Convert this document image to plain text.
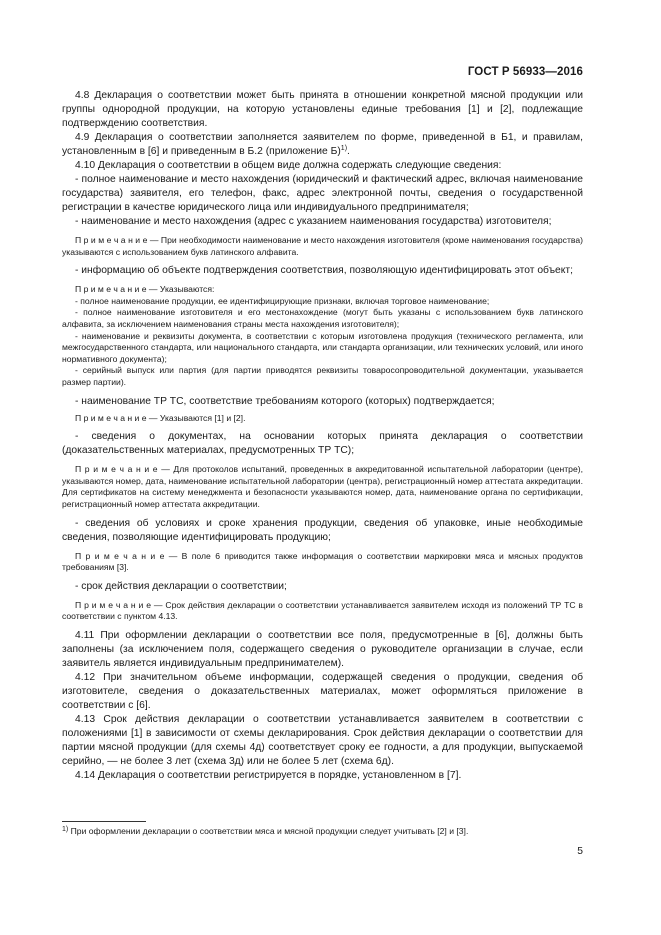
ГОСТ Р 56933—2016

4.8 Декларация о соответствии может быть принята в отношении конкретной мясной продукции или группы однородной продукции, на которую установлены единые требования [1] и [2], подлежащие подтверждению соответствия.

4.9 Декларация о соответствии заполняется заявителем по форме, приведенной в Б1, и правилам, установленным в [6] и приведенным в Б.2 (приложение Б)$^{1)}$.

4.10 Декларация о соответствии в общем виде должна содержать следующие сведения:

- полное наименование и место нахождения (юридический и фактический адрес, включая наименование государства) заявителя, его телефон, факс, адрес электронной почты, сведения о государственной регистрации в качестве юридического лица или индивидуального предпринимателя;

- наименование и место нахождения (адрес с указанием наименования государства) изготовителя;

П р и м е ч а н и е — При необходимости наименование и место нахождения изготовителя (кроме наименования государства) указываются с использованием букв латинского алфавита.

- информацию об объекте подтверждения соответствия, позволяющую идентифицировать этот объект;

П р и м е ч а н и е — Указываются:

- полное наименование продукции, ее идентифицирующие признаки, включая торговое наименование;

- полное наименование изготовителя и его местонахождение (могут быть указаны с использованием букв латинского алфавита, за исключением наименования страны места нахождения изготовителя);

- наименование и реквизиты документа, в соответствии с которым изготовлена продукция (технического регламента, или межгосударственного стандарта, или национального стандарта, или стандарта организации, или технических условий, или иного нормативного документа);

- серийный выпуск или партия (для партии приводятся реквизиты товаросопроводительной документации, указывается размер партии).

- наименование ТР ТС, соответствие требованиям которого (которых) подтверждается;

П р и м е ч а н и е — Указываются [1] и [2].

- сведения о документах, на основании которых принята декларация о соответствии (доказательственных материалах, предусмотренных ТР ТС);

П р и м е ч а н и е — Для протоколов испытаний, проведенных в аккредитованной испытательной лаборатории (центре), указываются номер, дата, наименование испытательной лаборатории (центра), регистрационный номер аттестата аккредитации. Для сертификатов на систему менеджмента и безопасности указываются номер, дата, наименование органа по сертификации, регистрационный номер аттестата аккредитации.

- сведения об условиях и сроке хранения продукции, сведения об упаковке, иные необходимые сведения, позволяющие идентифицировать продукцию;

П р и м е ч а н и е — В поле 6 приводится также информация о соответствии маркировки мяса и мясных продуктов требованиям [3].

- срок действия декларации о соответствии;

П р и м е ч а н и е — Срок действия декларации о соответствии устанавливается заявителем исходя из положений ТР ТС в соответствии с пунктом 4.13.

4.11 При оформлении декларации о соответствии все поля, предусмотренные в [6], должны быть заполнены (за исключением поля, содержащего сведения о руководителе организации в случае, если заявитель является индивидуальным предпринимателем).

4.12 При значительном объеме информации, содержащей сведения о продукции, сведения об изготовителе, сведения о доказательственных материалах, может оформляться приложение в соответствии с [6].

4.13 Срок действия декларации о соответствии устанавливается заявителем в соответствии с положениями [1] в зависимости от схемы декларирования. Срок действия декларации о соответствии для партии мясной продукции (для схемы 4д) соответствует сроку ее годности, а для продукции, выпускаемой серийно, — не более 3 лет (схема 3д) или не более 5 лет (схема 6д).

4.14 Декларация о соответствии регистрируется в порядке, установленном в [7].

$^{1)}$ При оформлении декларации о соответствии мяса и мясной продукции следует учитывать [2] и [3].
5
